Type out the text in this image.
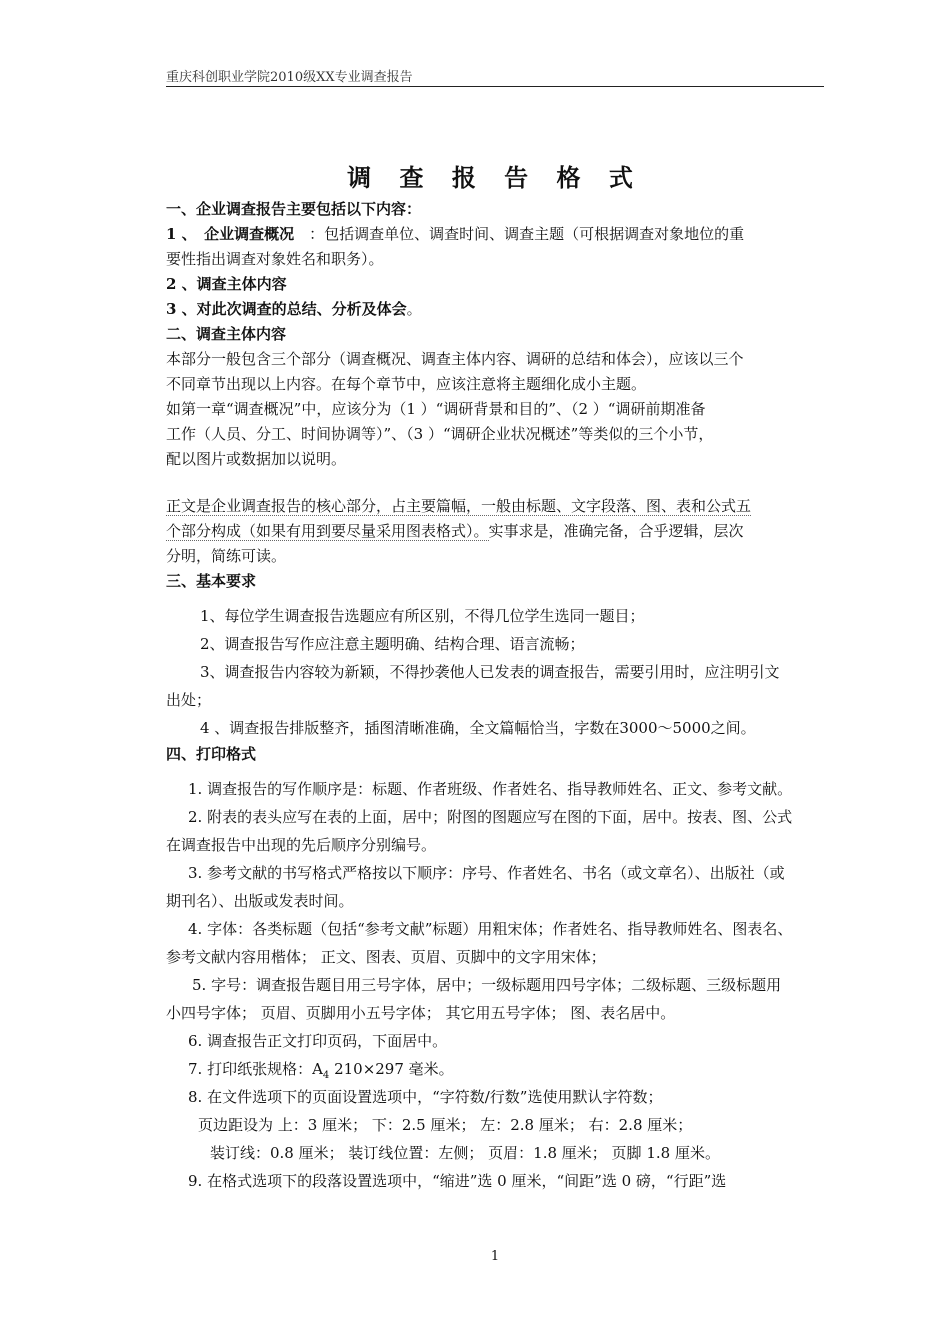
重庆科创职业学院2010级XX专业调查报告
调 查 报 告 格 式
一、企业调查报告主要包括以下内容：
1 、　企业调查概况　：包括调查单位、调查时间、调查主题（可根据调查对象地位的重
要性指出调查对象姓名和职务）。
2 、调查主体内容
3 、对此次调查的总结、分析及体会。
二、调查主体内容
本部分一般包含三个部分（调查概况、调查主体内容、调研的总结和体会），应该以三个
不同章节出现以上内容。在每个章节中，应该注意将主题细化成小主题。
如第一章“调查概况”中，应该分为（1 ）“调研背景和目的”、（2 ）“调研前期准备
工作（人员、分工、时间协调等）”、（3 ）“调研企业状况概述”等类似的三个小节，
配以图片或数据加以说明。
正文是企业调查报告的核心部分，占主要篇幅，一般由标题、文字段落、图、表和公式五
个部分构成（如果有用到要尽量采用图表格式）。实事求是，准确完备，合乎逻辑，层次
分明，简练可读。
三、基本要求
1、每位学生调查报告选题应有所区别，不得几位学生选同一题目；
2、调查报告写作应注意主题明确、结构合理、语言流畅；
3、调查报告内容较为新颖，不得抄袭他人已发表的调查报告，需要引用时，应注明引文
出处；
4 、调查报告排版整齐，插图清晰准确，全文篇幅恰当，字数在3000～5000之间。
四、打印格式
1. 调查报告的写作顺序是：标题、作者班级、作者姓名、指导教师姓名、正文、参考文献。
2. 附表的表头应写在表的上面，居中；附图的图题应写在图的下面，居中。按表、图、公式
在调查报告中出现的先后顺序分别编号。
3. 参考文献的书写格式严格按以下顺序：序号、作者姓名、书名（或文章名）、出版社（或
期刊名）、出版或发表时间。
4. 字体：各类标题（包括“参考文献”标题）用粗宋体；作者姓名、指导教师姓名、图表名、
参考文献内容用楷体； 正文、图表、页眉、页脚中的文字用宋体；
5. 字号：调查报告题目用三号字体，居中；一级标题用四号字体；二级标题、三级标题用
小四号字体； 页眉、页脚用小五号字体； 其它用五号字体； 图、表名居中。
6. 调查报告正文打印页码，下面居中。
7. 打印纸张规格：$A_4$ 210×297 毫米。
8. 在文件选项下的页面设置选项中，“字符数/行数”选使用默认字符数；
页边距设为 上：3 厘米； 下：2.5 厘米； 左：2.8 厘米； 右：2.8 厘米；
装订线：0.8 厘米； 装订线位置：左侧； 页眉：1.8 厘米； 页脚 1.8 厘米。
9. 在格式选项下的段落设置选项中，“缩进”选 0 厘米，“间距”选 0 磅，“行距”选
1
